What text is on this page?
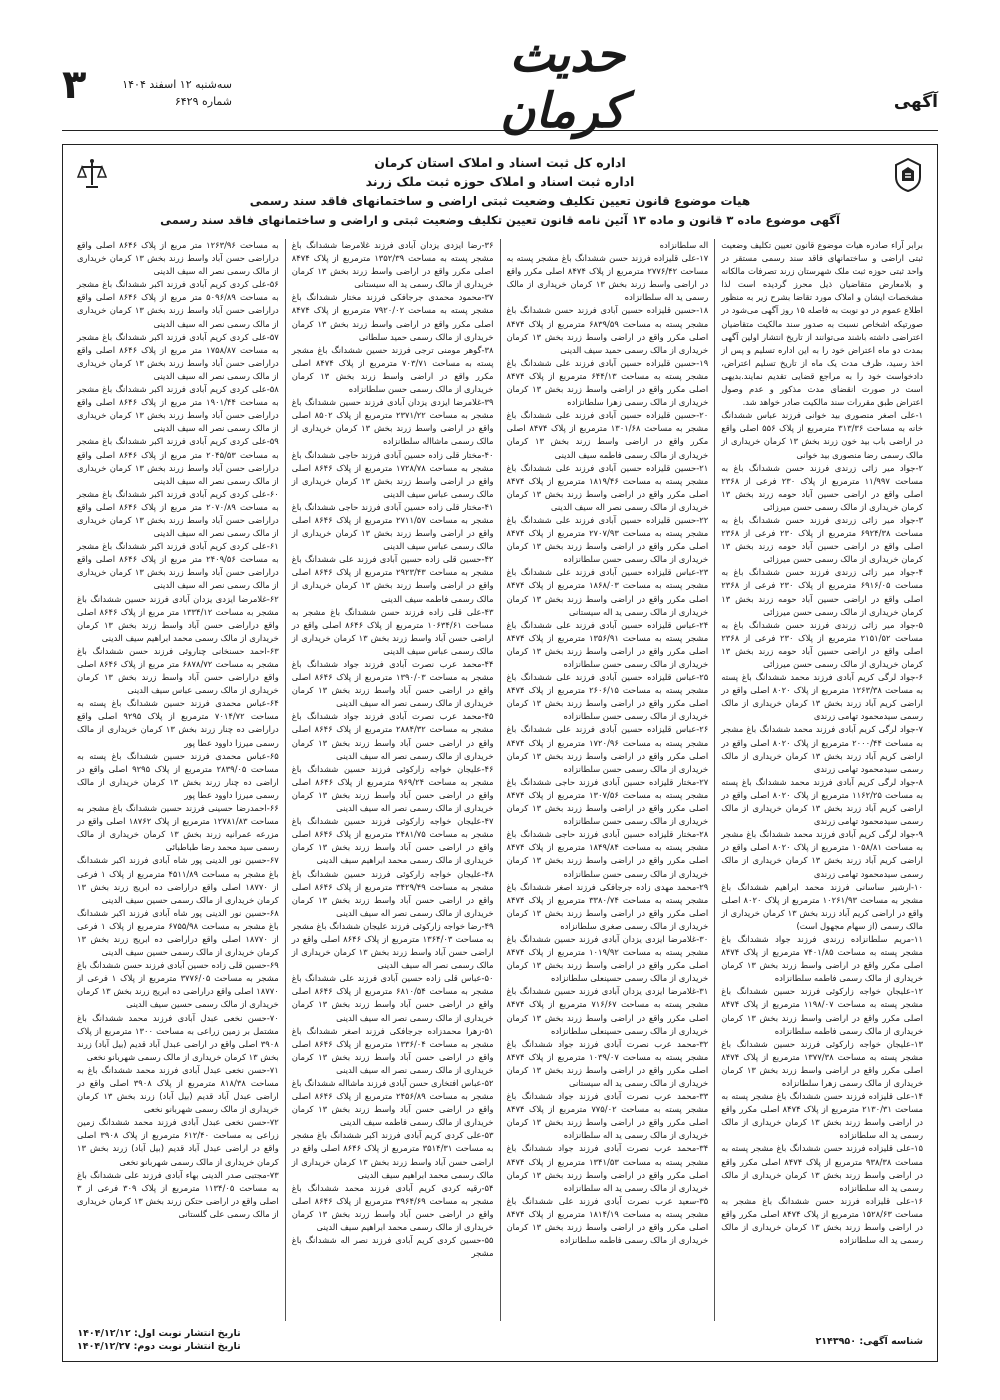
۳	سه‌شنبه ۱۲ اسفند ۱۴۰۴
شماره ۶۴۲۹
حدیث کرمان	آگهی
اداره کل ثبت اسناد و املاک استان کرمان
اداره ثبت اسناد و املاک حوزه ثبت ملک زرند
هیات موضوع قانون تعیین تکلیف وضعیت ثبتی اراضی و ساختمانهای فاقد سند رسمی
آگهی موضوع ماده ۳ قانون و ماده ۱۳ آئین نامه قانون تعیین تکلیف وضعیت ثبتی و اراضی و ساختمانهای فاقد سند رسمی

برابر آراء صادره هیات موضوع قانون تعیین تکلیف وضعیت ثبتی اراضی و ساختمانهای فاقد سند رسمی مستقر در واحد ثبتی حوزه ثبت ملک شهرستان زرند تصرفات مالکانه و بلامعارض متقاضیان ذیل محرز گردیده است لذا مشخصات ایشان و املاک مورد تقاضا بشرح زیر به منظور اطلاع عموم در دو نوبت به فاصله ۱۵ روز آگهی می‌شود در صورتیکه اشخاص نسبت به صدور سند مالکیت متقاضیان اعتراضی داشته باشند می‌توانند از تاریخ انتشار اولین آگهی بمدت دو ماه اعتراض خود را به این اداره تسلیم و پس از اخذ رسید، ظرف مدت یک ماه از تاریخ تسلیم اعتراض، دادخواست خود را به مراجع قضایی تقدیم نمایند.بدیهی است در صورت انقضای مدت مذکور و عدم وصول اعتراض طبق مقررات سند مالکیت صادر خواهد شد.

۱-علی اصغر منصوری بید خوانی فرزند عباس ششدانگ خانه به مساحت ۳۱۳/۳۶ مترمربع از پلاک ۵۵۶ اصلی واقع در اراضی باب بید خون زرند بخش ۱۳ کرمان خریداری از مالک رسمی رضا منصوری بید خوانی

۲-جواد میر زائی زرندی فرزند حسن ششدانگ باغ به مساحت ۱۱/۹۹۷ مترمربع از پلاک ۲۳۰ فرعی از ۲۳۶۸ اصلی واقع در اراضی حسین آباد حومه زرند بخش ۱۳ کرمان خریداری از مالک رسمی حسن میرزائی

۳-جواد میر زائی زرندی فرزند حسن ششدانگ باغ به مساحت ۶۹۲۴/۳۸ مترمربع از پلاک ۲۳۰ فرعی از ۲۳۶۸ اصلی واقع در اراضی حسین آباد حومه زرند بخش ۱۳ کرمان خریداری از مالک رسمی حسن میرزائی

۴-جواد میر زائی زرندی فرزند حسن ششدانگ باغ به مساحت ۶۹۱۶/۰۵ مترمربع از پلاک ۲۳۰ فرعی از ۲۳۶۸ اصلی واقع در اراضی حسین آباد حومه زرند بخش ۱۳ کرمان خریداری از مالک رسمی حسن میرزائی

۵-جواد میر زائی زرندی فرزند حسن ششدانگ باغ به مساحت ۲۱۵۱/۵۲ مترمربع از پلاک ۲۳۰ فرعی از ۲۳۶۸ اصلی واقع در اراضی حسین آباد حومه زرند بخش ۱۳ کرمان خریداری از مالک رسمی حسن میرزائی

۶-جواد لرگی کریم آبادی فرزند محمد ششدانگ باغ پسته به مساحت ۱۲۶۳/۳۸ مترمربع از پلاک ۸۰۲۰ اصلی واقع در اراضی کریم آباد زرند بخش ۱۳ کرمان خریداری از مالک رسمی سیدمحمود تهامی زرندی

۷-جواد لرگی کریم آبادی فرزند محمد ششدانگ باغ مشجر به مساحت ۲۰۰۰/۴۴ مترمربع از پلاک ۸۰۲۰ اصلی واقع در اراضی کریم آباد زرند بخش ۱۳ کرمان خریداری از مالک رسمی سیدمحمود تهامی زرندی

۸-جواد لرگی کریم آبادی فرزند محمد ششدانگ باغ پسته به مساحت ۱۱۶۲/۲۵ مترمربع از پلاک ۸۰۲۰ اصلی واقع در اراضی کریم آباد زرند بخش ۱۳ کرمان خریداری از مالک رسمی سیدمحمود تهامی زرندی

۹-جواد لرگی کریم آبادی فرزند محمد ششدانگ باغ مشجر به مساحت ۱۰۵۸/۸۱ مترمربع از پلاک ۸۰۲۰ اصلی واقع در اراضی کریم آباد زرند بخش ۱۳ کرمان خریداری از مالک رسمی سیدمحمود تهامی زرندی

۱۰-ارشیر ساسانی فرزند محمد ابراهیم ششدانگ باغ مشجر به مساحت ۱۰۲۶۱/۹۳ مترمربع از پلاک ۸۰۲۰ اصلی واقع در اراضی کریم آباد زرند بخش ۱۳ کرمان خریداری از مالک رسمی (از سهام مجهول است)

۱۱-مریم سلطانزاده زرندی فرزند جواد ششدانگ باغ مشجر پسته به مساحت ۷۴۰۱/۸۵ مترمربع از پلاک ۸۴۷۴ اصلی مکرر واقع در اراضی واسط زرند بخش ۱۳ کرمان خریداری از مالک رسمی فاطمه سلطانزاده

۱۲-علیجان خواجه زارکوئی فرزند حسین ششدانگ باغ مشجر پسته به مساحت ۱۱۹۸/۰۷ مترمربع از پلاک ۸۴۷۴ اصلی مکرر واقع در اراضی واسط زرند بخش ۱۳ کرمان خریداری از مالک رسمی فاطمه سلطانزاده

۱۳-علیجان خواجه زارکوئی فرزند حسین ششدانگ باغ مشجر پسته به مساحت ۱۳۷۷/۳۸ مترمربع از پلاک ۸۴۷۴ اصلی مکرر واقع در اراضی واسط زرند بخش ۱۳ کرمان خریداری از مالک رسمی زهرا سلطانزاده

۱۴-علی قلیزاده فرزند حسن ششدانگ باغ مشجر پسته به مساحت ۲۱۳۰/۳۱ مترمربع از پلاک ۸۴۷۴ اصلی مکرر واقع در اراضی واسط زرند بخش ۱۳ کرمان خریداری از مالک رسمی ید اله سلطانزاده

۱۵-علی قلیزاده فرزند حسن ششدانگ باغ مشجر پسته به مساحت ۹۳۸/۳۸ مترمربع از پلاک ۸۴۷۴ اصلی مکرر واقع در اراضی واسط زرند بخش ۱۳ کرمان خریداری از مالک رسمی ید اله سلطانزاده

۱۶-علی قلیزاده فرزند حسن ششدانگ باغ مشجر به مساحت ۱۵۲۸/۶۳ مترمربع از پلاک ۸۴۷۴ اصلی مکرر واقع در اراضی واسط زرند بخش ۱۳ کرمان خریداری از مالک رسمی ید اله سلطانزاده

اله سلطانزاده

۱۷-علی قلیزاده فرزند حسن ششدانگ باغ مشجر پسته به مساحت ۲۷۷۶/۴۲ مترمربع از پلاک ۸۴۷۴ اصلی مکرر واقع در اراضی واسط زرند بخش ۱۳ کرمان خریداری از مالک رسمی ید اله سلطانزاده

۱۸-حسین قلیزاده حسین آبادی فرزند حسن ششدانگ باغ مشجر پسته به مساحت ۶۸۳۹/۵۹ مترمربع از پلاک ۸۴۷۴ اصلی مکرر واقع در اراضی واسط زرند بخش ۱۳ کرمان خریداری از مالک رسمی حمید سیف الدینی

۱۹-حسین قلیزاده حسین آبادی فرزند علی ششدانگ باغ مشجر پسته به مساحت ۶۴۴/۱۳ مترمربع از پلاک ۸۴۷۴ اصلی مکرر واقع در اراضی واسط زرند بخش ۱۳ کرمان خریداری از مالک رسمی زهرا سلطانزاده

۲۰-حسین قلیزاده حسین آبادی فرزند علی ششدانگ باغ مشجر به مساحت ۱۳۰۱/۶۸ مترمربع از پلاک ۸۴۷۴ اصلی مکرر واقع در اراضی واسط زرند بخش ۱۳ کرمان خریداری از مالک رسمی فاطمه سیف الدینی

۲۱-حسین قلیزاده حسین آبادی فرزند علی ششدانگ باغ مشجر پسته به مساحت ۱۸۱۹/۴۶ مترمربع از پلاک ۸۴۷۴ اصلی مکرر واقع در اراضی واسط زرند بخش ۱۳ کرمان خریداری از مالک رسمی نصر اله سیف الدینی

۲۲-حسین قلیزاده حسین آبادی فرزند علی ششدانگ باغ مشجر پسته به مساحت ۲۷۰۷/۹۳ مترمربع از پلاک ۸۴۷۴ اصلی مکرر واقع در اراضی واسط زرند بخش ۱۳ کرمان خریداری از مالک رسمی حسن سلطانزاده

۲۳-عباس قلیزاده حسین آبادی فرزند علی ششدانگ باغ مشجر پسته به مساحت ۱۸۶۸/۰۳ مترمربع از پلاک ۸۴۷۴ اصلی مکرر واقع در اراضی واسط زرند بخش ۱۳ کرمان خریداری از مالک رسمی ید اله سیستانی

۲۴-عباس قلیزاده حسین آبادی فرزند علی ششدانگ باغ مشجر پسته به مساحت ۱۳۵۶/۹۱ مترمربع از پلاک ۸۴۷۴ اصلی مکرر واقع در اراضی واسط زرند بخش ۱۳ کرمان خریداری از مالک رسمی حسن سلطانزاده

۲۵-عباس قلیزاده حسین آبادی فرزند علی ششدانگ باغ مشجر پسته به مساحت ۲۶۰۶/۱۵ مترمربع از پلاک ۸۴۷۴ اصلی مکرر واقع در اراضی واسط زرند بخش ۱۳ کرمان خریداری از مالک رسمی حسن سلطانزاده

۲۶-عباس قلیزاده حسین آبادی فرزند علی ششدانگ باغ مشجر پسته به مساحت ۱۷۲۰/۹۶ مترمربع از پلاک ۸۴۷۴ اصلی مکرر واقع در اراضی واسط زرند بخش ۱۳ کرمان خریداری از مالک رسمی حسن سلطانزاده

۲۷-مختار قلیزاده حسین آبادی فرزند حاجی ششدانگ باغ مشجر پسته به مساحت ۱۳۰۷/۵۶ مترمربع از پلاک ۸۴۷۴ اصلی مکرر واقع در اراضی واسط زرند بخش ۱۳ کرمان خریداری از مالک رسمی حسن سلطانزاده

۲۸-مختار قلیزاده حسین آبادی فرزند حاجی ششدانگ باغ مشجر پسته به مساحت ۱۸۴۹/۸۴ مترمربع از پلاک ۸۴۷۴ اصلی مکرر واقع در اراضی واسط زرند بخش ۱۳ کرمان خریداری از مالک رسمی حسن سلطانزاده

۲۹-محمد مهدی زاده جرجافکی فرزند اصغر ششدانگ باغ مشجر پسته به مساحت ۳۳۸۰/۷۴ مترمربع از پلاک ۸۴۷۴ اصلی مکرر واقع در اراضی واسط زرند بخش ۱۳ کرمان خریداری از مالک رسمی صغری سلطانزاده

۳۰-غلامرضا ایزدی یزدان آبادی فرزند حسین ششدانگ باغ مشجر پسته به مساحت ۱۰۱۹/۹۲ مترمربع از پلاک ۸۴۷۴ اصلی مکرر واقع در اراضی واسط زرند بخش ۱۳ کرمان خریداری از مالک رسمی حسینعلی سلطانزاده

۳۱-غلامرضا ایزدی یزدان آبادی فرزند حسین ششدانگ باغ مشجر پسته به مساحت ۷۱۶/۶۷ مترمربع از پلاک ۸۴۷۴ اصلی مکرر واقع در اراضی واسط زرند بخش ۱۳ کرمان خریداری از مالک رسمی حسینعلی سلطانزاده

۳۲-محمد عرب نصرت آبادی فرزند جواد ششدانگ باغ مشجر پسته به مساحت ۱۰۳۹/۰۷ مترمربع از پلاک ۸۴۷۴ اصلی مکرر واقع در اراضی واسط زرند بخش ۱۳ کرمان خریداری از مالک رسمی ید اله سیستانی

۳۳-محمد عرب نصرت آبادی فرزند جواد ششدانگ باغ مشجر پسته به مساحت ۷۷۵/۰۲ مترمربع از پلاک ۸۴۷۴ اصلی مکرر واقع در اراضی واسط زرند بخش ۱۳ کرمان خریداری از مالک رسمی ید اله سلطانزاده

۳۴-محمد عرب نصرت آبادی فرزند جواد ششدانگ باغ مشجر پسته به مساحت ۱۳۴۱/۵۳ مترمربع از پلاک ۸۴۷۴ اصلی مکرر واقع در اراضی واسط زرند بخش ۱۳ کرمان خریداری از مالک رسمی ید اله سلطانزاده

۳۵-سعید عرب نصرت آبادی فرزند علی ششدانگ باغ مشجر پسته به مساحت ۱۸۱۴/۱۹ مترمربع از پلاک ۸۴۷۴ اصلی مکرر واقع در اراضی واسط زرند بخش ۱۳ کرمان خریداری از مالک رسمی فاطمه سلطانزاده

۳۶-رضا ایزدی یزدان آبادی فرزند غلامرضا ششدانگ باغ مشجر پسته به مساحت ۱۳۵۲/۳۹ مترمربع از پلاک ۸۴۷۴ اصلی مکرر واقع در اراضی واسط زرند بخش ۱۳ کرمان خریداری از مالک رسمی ید اله سیستانی

۳۷-محمود محمدی جرجافکی فرزند مختار ششدانگ باغ مشجر پسته به مساحت ۷۹۲۰/۰۲ مترمربع از پلاک ۸۴۷۴ اصلی مکرر واقع در اراضی واسط زرند بخش ۱۳ کرمان خریداری از مالک رسمی حمید سلطانی

۳۸-گوهر مومنی ترجی فرزند حسین ششدانگ باغ مشجر پسته به مساحت ۷۰۳/۷۱ مترمربع از پلاک ۸۴۷۴ اصلی مکرر واقع در اراضی واسط زرند بخش ۱۳ کرمان خریداری از مالک رسمی حسن سلطانزاده

۳۹-غلامرضا ایزدی یزدان آبادی فرزند حسین ششدانگ باغ مشجر به مساحت ۲۳۷۱/۲۲ مترمربع از پلاک ۸۵۰۲ اصلی واقع در اراضی واسط زرند بخش ۱۳ کرمان خریداری از مالک رسمی ماشااله سلطانزاده

۴۰-مختار قلی زاده حسین آبادی فرزند حاجی ششدانگ باغ مشجر به مساحت ۱۷۲۸/۷۸ مترمربع از پلاک ۸۶۴۶ اصلی واقع در اراضی واسط زرند بخش ۱۳ کرمان خریداری از مالک رسمی عباس سیف الدینی

۴۱-مختار قلی زاده حسین آبادی فرزند حاجی ششدانگ باغ مشجر به مساحت ۲۷۱۱/۵۷ مترمربع از پلاک ۸۶۴۶ اصلی واقع در اراضی واسط زرند بخش ۱۳ کرمان خریداری از مالک رسمی عباس سیف الدینی

۴۲-حسین قلی زاده حسین آبادی فرزند علی ششدانگ باغ مشجر به مساحت ۲۹۲۳/۴۳ مترمربع از پلاک ۸۶۴۶ اصلی واقع در اراضی واسط زرند بخش ۱۳ کرمان خریداری از مالک رسمی فاطمه سیف الدینی

۴۳-علی قلی زاده فرزند حسن ششدانگ باغ مشجر به مساحت ۱۰۶۳۴/۶۱ مترمربع از پلاک ۸۶۴۶ اصلی واقع در اراضی حسن آباد واسط زرند بخش ۱۳ کرمان خریداری از مالک رسمی عباس سیف الدینی

۴۴-محمد عرب نصرت آبادی فرزند جواد ششدانگ باغ مشجر به مساحت ۱۳۹۰/۰۳ مترمربع از پلاک ۸۶۴۶ اصلی واقع در اراضی حسن آباد واسط زرند بخش ۱۳ کرمان خریداری از مالک رسمی نصر اله سیف الدینی

۴۵-محمد عرب نصرت آبادی فرزند جواد ششدانگ باغ مشجر به مساحت ۲۸۸۴/۳۲ مترمربع از پلاک ۸۶۴۶ اصلی واقع در اراضی حسن آباد واسط زرند بخش ۱۳ کرمان خریداری از مالک رسمی نصر اله سیف الدینی

۴۶-علیجان خواجه زارکوئی فرزند حسین ششدانگ باغ مشجر به مساحت ۹۶۹/۲۴ مترمربع از پلاک ۸۶۴۶ اصلی واقع در اراضی حسن آباد واسط زرند بخش ۱۳ کرمان خریداری از مالک رسمی نصر اله سیف الدینی

۴۷-علیجان خواجه زارکوئی فرزند حسین ششدانگ باغ مشجر به مساحت ۲۴۸۱/۷۵ مترمربع از پلاک ۸۶۴۶ اصلی واقع در اراضی حسن آباد واسط زرند بخش ۱۳ کرمان خریداری از مالک رسمی محمد ابراهیم سیف الدینی

۴۸-علیجان خواجه زارکوئی فرزند حسین ششدانگ باغ مشجر به مساحت ۳۴۲۹/۴۹ مترمربع از پلاک ۸۶۴۶ اصلی واقع در اراضی حسن آباد واسط زرند بخش ۱۳ کرمان خریداری از مالک رسمی نصر اله سیف الدینی

۴۹-رضا خواجه زارکوئی فرزند علیجان ششدانگ باغ مشجر به مساحت ۱۳۶۴/۰۳ مترمربع از پلاک ۸۶۴۶ اصلی واقع در اراضی حسن آباد واسط زرند بخش ۱۳ کرمان خریداری از مالک رسمی نصر اله سیف الدینی

۵۰-عباس قلی زاده حسین آبادی فرزند علی ششدانگ باغ مشجر به مساحت ۶۸۱۰/۵۴ مترمربع از پلاک ۸۶۴۶ اصلی واقع در اراضی حسن آباد واسط زرند بخش ۱۳ کرمان خریداری از مالک رسمی نصر اله سیف الدینی

۵۱-زهرا محمدزاده جرجافکی فرزند اصغر ششدانگ باغ مشجر به مساحت ۱۳۳۶/۰۴ مترمربع از پلاک ۸۶۴۶ اصلی واقع در اراضی حسن آباد واسط زرند بخش ۱۳ کرمان خریداری از مالک رسمی نصر اله سیف الدینی

۵۲-عباس افتخاری حسن آبادی فرزند ماشااله ششدانگ باغ مشجر به مساحت ۲۴۵۶/۸۹ مترمربع از پلاک ۸۶۴۶ اصلی واقع در اراضی حسن آباد واسط زرند بخش ۱۳ کرمان خریداری از مالک رسمی فاطمه سیف الدینی

۵۳-علی کردی کریم آبادی فرزند اکبر ششدانگ باغ مشجر به مساحت ۳۵۱۴/۳۱ مترمربع از پلاک ۸۶۴۶ اصلی واقع در اراضی حسن آباد واسط زرند بخش ۱۳ کرمان خریداری از مالک رسمی محمد ابراهیم سیف الدینی

۵۴-رقیه کردی کریم آبادی فرزند محمد ششدانگ باغ مشجر به مساحت ۳۹۶۴/۶۹ مترمربع از پلاک ۸۶۴۶ اصلی واقع در اراضی حسن آباد واسط زرند بخش ۱۳ کرمان خریداری از مالک رسمی محمد ابراهیم سیف الدینی

۵۵-حسین کردی کریم آبادی فرزند نصر اله ششدانگ باغ مشجر

به مساحت ۱۲۶۳/۹۶ متر مربع از پلاک ۸۶۴۶ اصلی واقع دراراضی حسن آباد واسط زرند بخش ۱۳ کرمان خریداری از مالک رسمی نصر اله سیف الدینی

۵۶-علی کردی کریم آبادی فرزند اکبر ششدانگ باغ مشجر به مساحت ۵۰۹۶/۸۹ متر مربع از پلاک ۸۶۴۶ اصلی واقع دراراضی حسن آباد واسط زرند بخش ۱۳ کرمان خریداری از مالک رسمی نصر اله سیف الدینی

۵۷-علی کردی کریم آبادی فرزند اکبر ششدانگ باغ مشجر به مساحت ۱۷۵۸/۸۷ متر مربع از پلاک ۸۶۴۶ اصلی واقع دراراضی حسن آباد واسط زرند بخش ۱۳ کرمان خریداری از مالک رسمی نصر اله سیف الدینی

۵۸-علی کردی کریم آبادی فرزند اکبر ششدانگ باغ مشجر به مساحت ۱۹۰۱/۴۴ متر مربع از پلاک ۸۶۴۶ اصلی واقع دراراضی حسن آباد واسط زرند بخش ۱۳ کرمان خریداری از مالک رسمی نصر اله سیف الدینی

۵۹-علی کردی کریم آبادی فرزند اکبر ششدانگ باغ مشجر به مساحت ۲۰۴۵/۵۳ متر مربع از پلاک ۸۶۴۶ اصلی واقع دراراضی حسن آباد واسط زرند بخش ۱۳ کرمان خریداری از مالک رسمی نصر اله سیف الدینی

۶۰-علی کردی کریم آبادی فرزند اکبر ششدانگ باغ مشجر به مساحت ۲۰۷۰/۸۹ متر مربع از پلاک ۸۶۴۶ اصلی واقع دراراضی حسن آباد واسط زرند بخش ۱۳ کرمان خریداری از مالک رسمی نصر اله سیف الدینی

۶۱-علی کردی کریم آبادی فرزند اکبر ششدانگ باغ مشجر به مساحت ۲۴۰۹/۵۶ متر مربع از پلاک ۸۶۴۶ اصلی واقع دراراضی حسن آباد واسط زرند بخش ۱۳ کرمان خریداری از مالک رسمی نصر اله سیف الدینی

۶۲-غلامرضا ایزدی یزدان آبادی فرزند حسین ششدانگ باغ مشجر به مساحت ۱۳۳۴/۱۲ متر مربع از پلاک ۸۶۴۶ اصلی واقع دراراضی حسن آباد واسط زرند بخش ۱۳ کرمان خریداری از مالک رسمی محمد ابراهیم سیف الدینی

۶۳-احمد حسنخانی چناروئی فرزند حسن ششدانگ باغ مشجر به مساحت ۶۸۷۸/۷۲ متر مربع از پلاک ۸۶۴۶ اصلی واقع دراراضی حسن آباد واسط زرند بخش ۱۳ کرمان خریداری از مالک رسمی عباس سیف الدینی

۶۴-عباس محمدی فرزند حسین ششدانگ باغ پسته به مساحت ۷۰۱۴/۷۲ مترمربع از پلاک ۹۲۹۵ اصلی واقع دراراضی ده چنار زرند بخش ۱۳ کرمان خریداری از مالک رسمی میرزا داوود عطا پور

۶۵-عباس محمدی فرزند حسین ششدانگ باغ پسته به مساحت ۲۸۳۹/۰۵ مترمربع از پلاک ۹۲۹۵ اصلی واقع در اراضی ده چنار زرند بخش ۱۳ کرمان خریداری از مالک رسمی میرزا داوود عطا پور

۶۶-احمدرضا حسینی فرزند حسین ششدانگ باغ مشجر به مساحت ۱۲۷۸۱/۸۳ مترمربع از پلاک ۱۸۷۶۲ اصلی واقع در مزرعه عمرانیه زرند بخش ۱۳ کرمان خریداری از مالک رسمی سید محمد رضا طباطبائی

۶۷-حسین نور الدینی پور شاه آبادی فرزند اکبر ششدانگ باغ مشجر به مساحت ۴۵۱۱/۸۹ مترمربع از پلاک ۱ فرعی از ۱۸۷۷۰ اصلی واقع دراراضی ده ابریج زرند بخش ۱۳ کرمان خریداری از مالک رسمی حسین سیف الدینی

۶۸-حسین نور الدینی پور شاه آبادی فرزند اکبر ششدانگ باغ مشجر به مساحت ۶۷۵۵/۹۸ مترمربع از پلاک ۱ فرعی از ۱۸۷۷۰ اصلی واقع دراراضی ده ابریج زرند بخش ۱۳ کرمان خریداری از مالک رسمی حسین سیف الدینی

۶۹-حسین قلی زاده حسین آبادی فرزند حسن ششدانگ باغ مشجر به مساحت ۳۷۷۶/۰۵ مترمربع از پلاک ۱ فرعی از ۱۸۷۷۰ اصلی واقع دراراضی ده ابریج زرند بخش ۱۳ کرمان خریداری از مالک رسمی حسین سیف الدینی

۷۰-حسن نخعی عبدل آبادی فرزند محمد ششدانگ باغ مشتمل بر زمین زراعی به مساحت ۱۳۰۰ مترمربع از پلاک ۳۹۰۸ اصلی واقع در اراضی عبدل آباد قدیم (بیل آباد) زرند بخش ۱۳ کرمان خریداری از مالک رسمی شهربانو نخعی

۷۱-حسن نخعی عبدل آبادی فرزند محمد ششدانگ باغ به مساحت ۸۱۸/۳۸ مترمربع از پلاک ۳۹۰۸ اصلی واقع در اراضی عبدل آباد قدیم (بیل آباد) زرند بخش ۱۳ کرمان خریداری از مالک رسمی شهربانو نخعی

۷۲-حسن نخعی عبدل آبادی فرزند محمد ششدانگ زمین زراعی به مساحت ۶۱۲/۴۰ مترمربع از پلاک ۳۹۰۸ اصلی واقع در اراضی عبدل آباد قدیم (بیل آباد) زرند بخش ۱۳ کرمان خریداری از مالک رسمی شهربانو نخعی

۷۳-مجتبی صدر الدینی بهاء آبادی فرزند علی ششدانگ باغ به مساحت ۱۱۳۴/۰۵ مترمربع از پلاک ۳۰۹ فرعی از ۳ اصلی واقع در اراضی حتکن زرند بخش ۱۳ کرمان خریداری از مالک رسمی علی گلستانی

شناسه آگهی: ۲۱۴۳۹۵۰
تاریخ انتشار نوبت اول: ۱۴۰۴/۱۲/۱۲
تاریخ انتشار نوبت دوم: ۱۴۰۴/۱۲/۲۷
